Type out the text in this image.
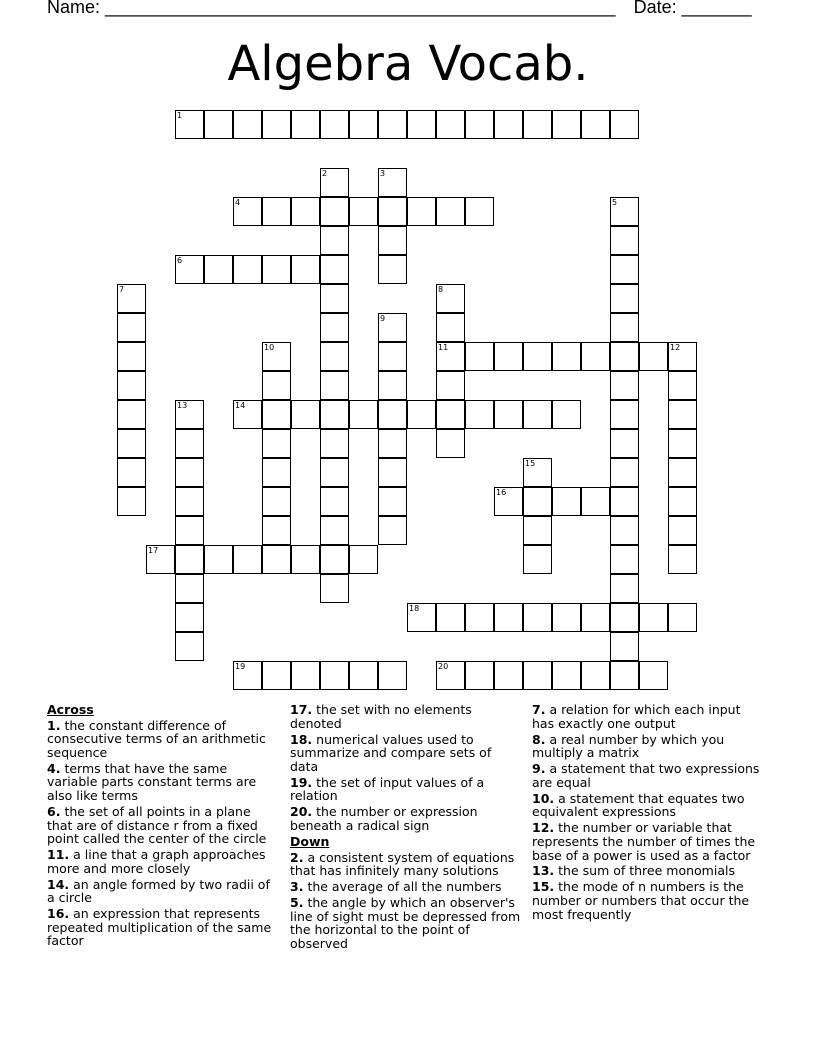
Name: ___________________________________________________ Date: _______
Algebra Vocab.
1
2	3
4	5
6
7	8
11
9
10	12
13	14
15
16
17
18
19	20
Across
1. the constant difference of consecutive terms of an arithmetic sequence
4. terms that have the same variable parts constant terms are also like terms
6. the set of all points in a plane that are of distance r from a fixed point called the center of the circle
11. a line that a graph approaches more and more closely
14. an angle formed by two radii of a circle
16. an expression that represents repeated multiplication of the same factor
17. the set with no elements denoted
18. numerical values used to summarize and compare sets of data
19. the set of input values of a relation
20. the number or expression beneath a radical sign
Down
2. a consistent system of equations that has infinitely many solutions
3. the average of all the numbers
5. the angle by which an observer's line of sight must be depressed from the horizontal to the point of observed
7. a relation for which each input has exactly one output
8. a real number by which you multiply a matrix
9. a statement that two expressions are equal
10. a statement that equates two equivalent expressions
12. the number or variable that represents the number of times the base of a power is used as a factor
13. the sum of three monomials
15. the mode of n numbers is the number or numbers that occur the most frequently
